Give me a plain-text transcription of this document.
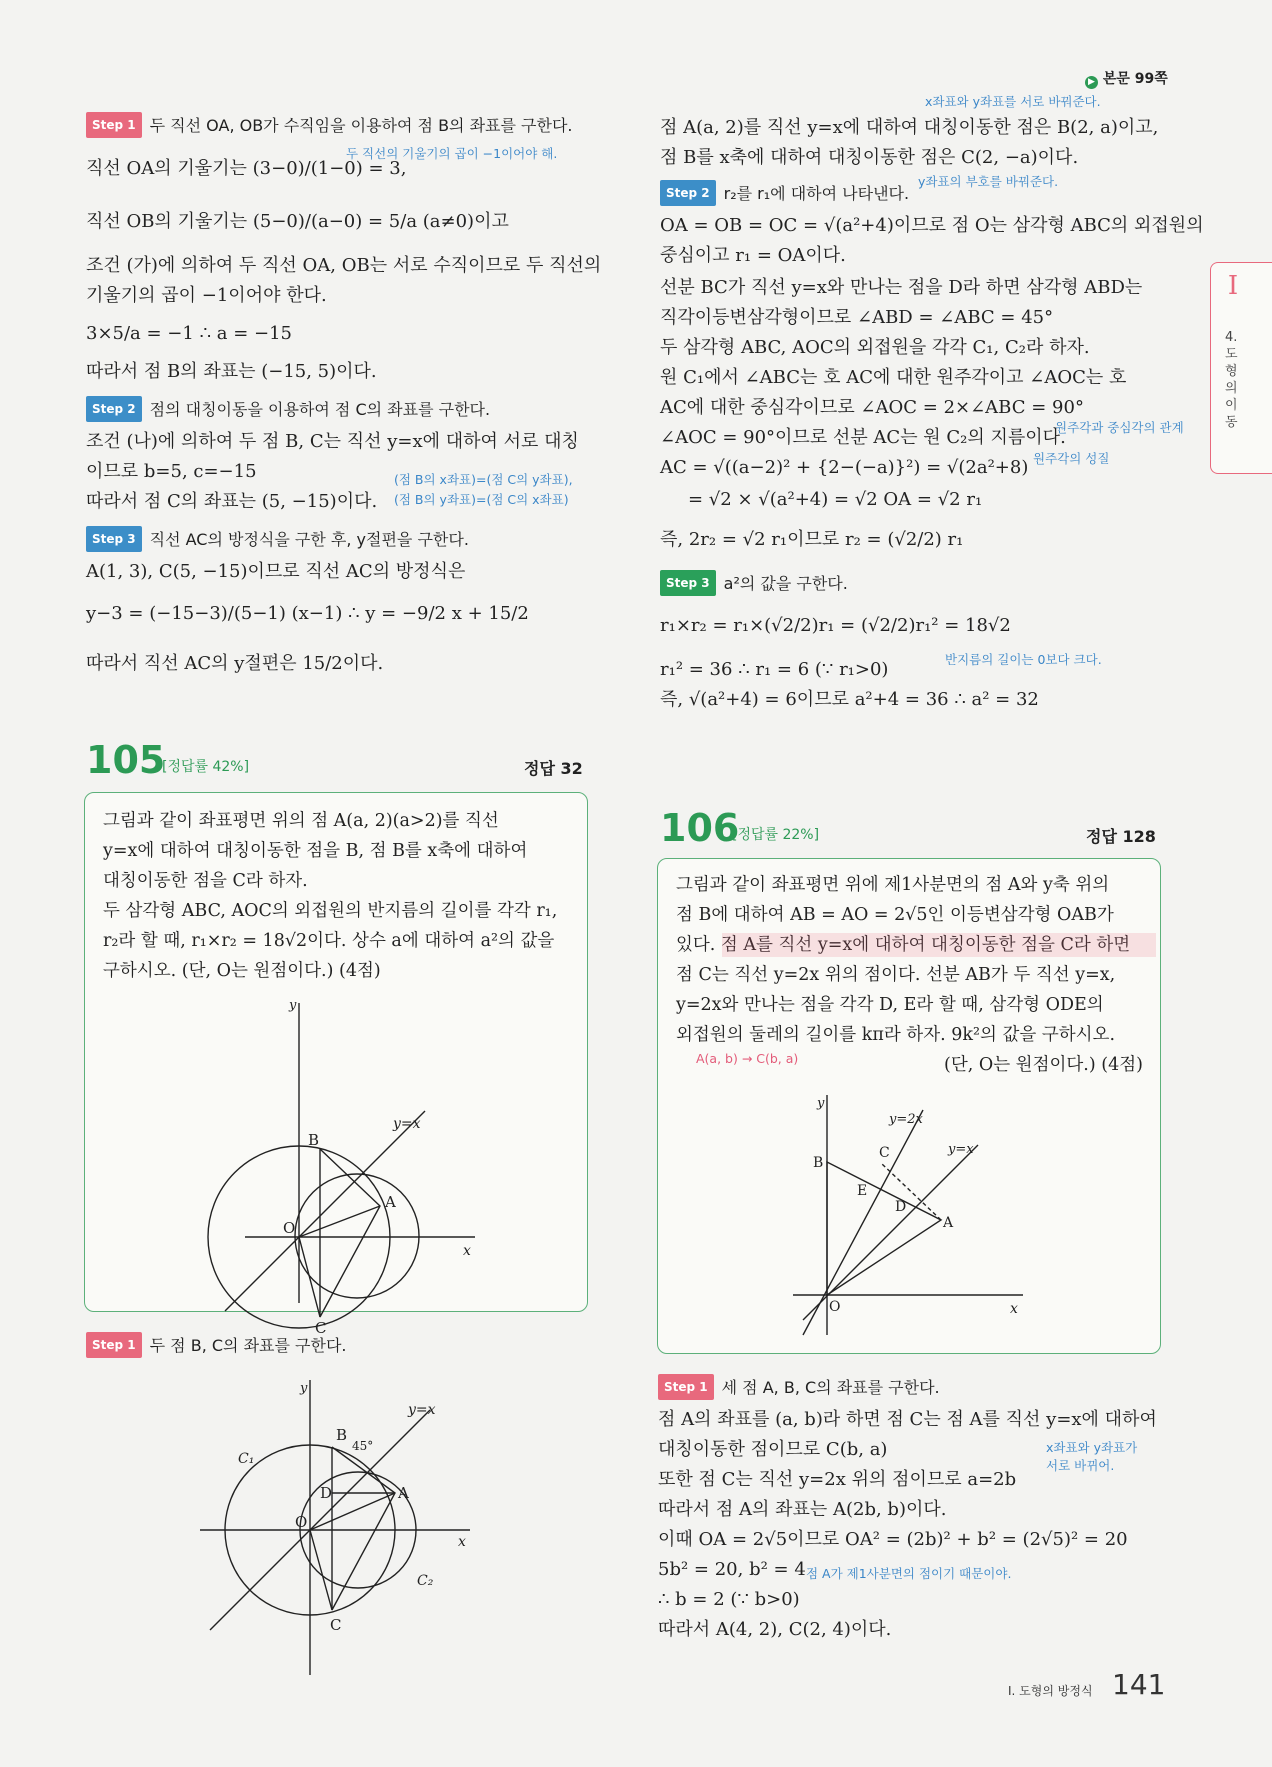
▶ 본문 99쪽
Step 1 두 직선 OA, OB가 수직임을 이용하여 점 B의 좌표를 구한다.
직선 OA의 기울기는 (3−0)/(1−0) = 3,
두 직선의 기울기의 곱이 −1이어야 해.
직선 OB의 기울기는 (5−0)/(a−0) = 5/a (a≠0)이고
조건 (가)에 의하여 두 직선 OA, OB는 서로 수직이므로 두 직선의
기울기의 곱이 −1이어야 한다.
3×5/a = −1 ∴ a = −15
따라서 점 B의 좌표는 (−15, 5)이다.
Step 2 점의 대칭이동을 이용하여 점 C의 좌표를 구한다.
조건 (나)에 의하여 두 점 B, C는 직선 y=x에 대하여 서로 대칭
이므로 b=5, c=−15
따라서 점 C의 좌표는 (5, −15)이다.
(점 B의 x좌표)=(점 C의 y좌표),
(점 B의 y좌표)=(점 C의 x좌표)
Step 3 직선 AC의 방정식을 구한 후, y절편을 구한다.
A(1, 3), C(5, −15)이므로 직선 AC의 방정식은
y−3 = (−15−3)/(5−1) (x−1) ∴ y = −9/2 x + 15/2
따라서 직선 AC의 y절편은 15/2이다.
x좌표와 y좌표를 서로 바꿔준다.
점 A(a, 2)를 직선 y=x에 대하여 대칭이동한 점은 B(2, a)이고,
점 B를 x축에 대하여 대칭이동한 점은 C(2, −a)이다.
y좌표의 부호를 바꿔준다.
Step 2 r₂를 r₁에 대하여 나타낸다.
OA = OB = OC = √(a²+4)이므로 점 O는 삼각형 ABC의 외접원의
중심이고 r₁ = OA이다.
선분 BC가 직선 y=x와 만나는 점을 D라 하면 삼각형 ABD는
직각이등변삼각형이므로 ∠ABD = ∠ABC = 45°
두 삼각형 ABC, AOC의 외접원을 각각 C₁, C₂라 하자.
원 C₁에서 ∠ABC는 호 AC에 대한 원주각이고 ∠AOC는 호
AC에 대한 중심각이므로 ∠AOC = 2×∠ABC = 90°
원주각과 중심각의 관계
∠AOC = 90°이므로 선분 AC는 원 C₂의 지름이다.
원주각의 성질
AC = √((a−2)² + {2−(−a)}²) = √(2a²+8)
= √2 × √(a²+4) = √2 OA = √2 r₁
즉, 2r₂ = √2 r₁이므로 r₂ = (√2/2) r₁
Step 3 a²의 값을 구한다.
r₁×r₂ = r₁×(√2/2)r₁ = (√2/2)r₁² = 18√2
r₁² = 36 ∴ r₁ = 6 (∵ r₁>0)	반지름의 길이는 0보다 크다.
즉, √(a²+4) = 6이므로 a²+4 = 36 ∴ a² = 32
I
4. 도형의 이동
105
[정답률 42%]	정답 32
그림과 같이 좌표평면 위의 점 A(a, 2)(a>2)를 직선
y=x에 대하여 대칭이동한 점을 B, 점 B를 x축에 대하여
대칭이동한 점을 C라 하자.
두 삼각형 ABC, AOC의 외접원의 반지름의 길이를 각각 r₁,
r₂라 할 때, r₁×r₂ = 18√2이다. 상수 a에 대하여 a²의 값을
구하시오. (단, O는 원점이다.) (4점)
y
x
y=x
B
A
O
C
Step 1 두 점 B, C의 좌표를 구한다.
y
x
y=x
B
45°
D	A
O
C
C₁
C₂
106
[정답률 22%]	정답 128
그림과 같이 좌표평면 위에 제1사분면의 점 A와 y축 위의
점 B에 대하여 AB = AO = 2√5인 이등변삼각형 OAB가
있다. 점 A를 직선 y=x에 대하여 대칭이동한 점을 C라 하면
점 C는 직선 y=2x 위의 점이다. 선분 AB가 두 직선 y=x,
y=2x와 만나는 점을 각각 D, E라 할 때, 삼각형 ODE의
외접원의 둘레의 길이를 kπ라 하자. 9k²의 값을 구하시오.
A(a, b) → C(b, a)	(단, O는 원점이다.) (4점)
y
x
y=2x
y=x
B
C
E
D
A
O
Step 1 세 점 A, B, C의 좌표를 구한다.
점 A의 좌표를 (a, b)라 하면 점 C는 점 A를 직선 y=x에 대하여
대칭이동한 점이므로 C(b, a)	x좌표와 y좌표가
서로 바뀌어.
또한 점 C는 직선 y=2x 위의 점이므로 a=2b
따라서 점 A의 좌표는 A(2b, b)이다.
이때 OA = 2√5이므로 OA² = (2b)² + b² = (2√5)² = 20
5b² = 20, b² = 4 점 A가 제1사분면의 점이기 때문이야.
∴ b = 2 (∵ b>0)
따라서 A(4, 2), C(2, 4)이다.
I. 도형의 방정식 141
